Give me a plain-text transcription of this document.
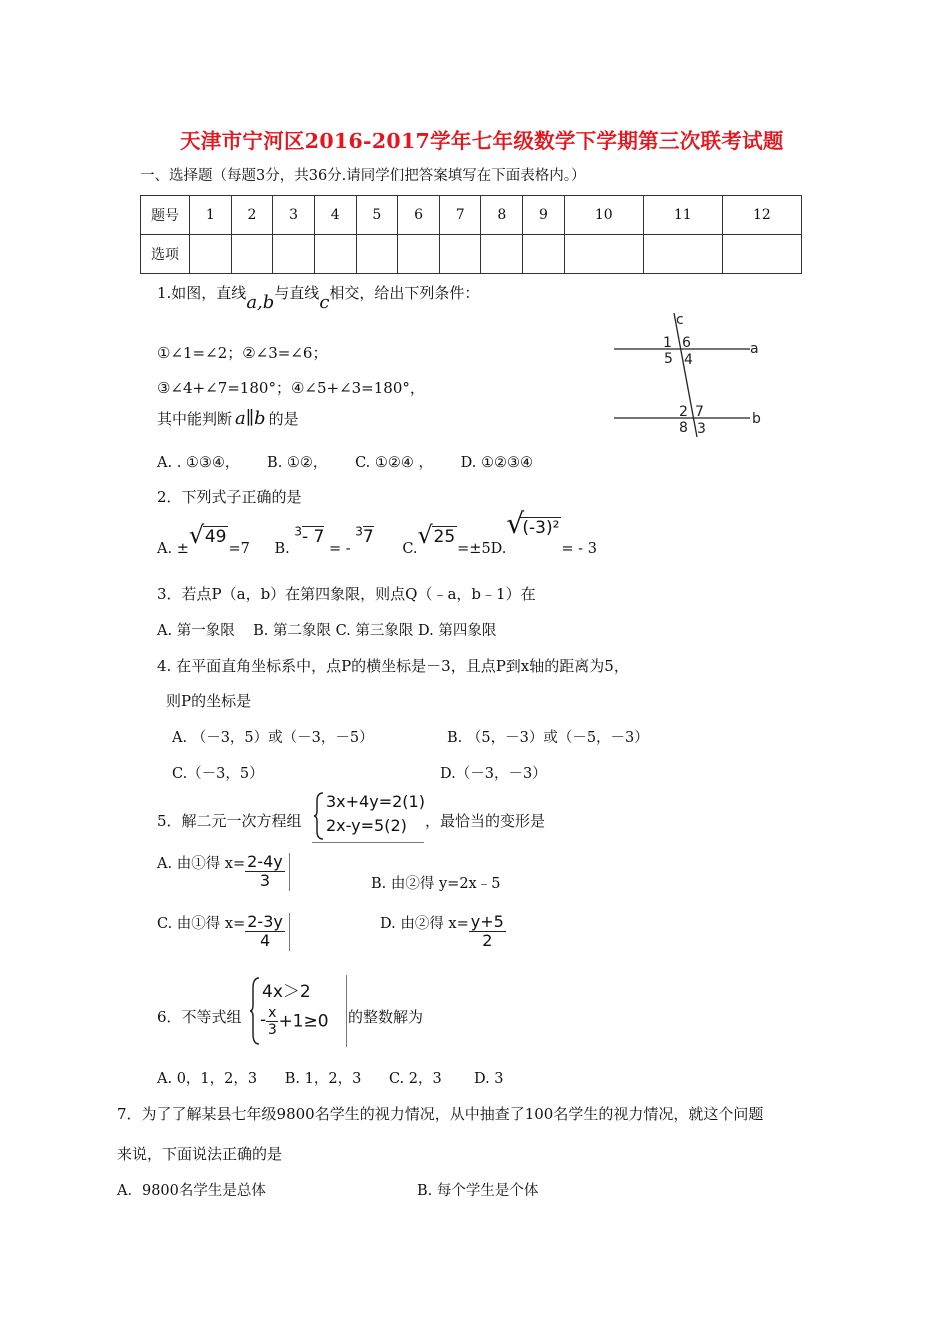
天津市宁河区2016-2017学年七年级数学下学期第三次联考试题
一、选择题（每题3分，共36分.请同学们把答案填写在下面表格内。）
题号	1	2	3	4	5	6	7	8	9	10	11	12
选项												
1.如图，直线a,b与直线c相交，给出下列条件：
①∠1=∠2；②∠3=∠6；
③∠4+∠7=180°；④∠5+∠3=180°，
其中能判断 a∥b 的是
A. . ①③④，      B. ①②，      C. ①②④ ，      D. ①②③④
c
a
b
1 6
5 4
2 7
8 3
2．下列式子正确的是
A. ± √ 49=7 B. $^3$- 7 = - $^3$7 C. √ 25=±5D.
√
(-3)²= - 3
3．若点P（a，b）在第四象限，则点Q（﹣a，b﹣1）在
A. 第一象限    B. 第二象限 C. 第三象限 D. 第四象限
4. 在平面直角坐标系中，点P的横坐标是－3，且点P到x轴的距离为5，
则P的坐标是
A. （－3，5）或（－3，－5）	B. （5，－3）或（－5，－3）
C.（－3，5）	D.（－3，－3）
5．解二元一次方程组
3x+4y=2(1)
2x-y=5(2) ，最恰当的变形是
A. 由①得 $x= \frac{2-4y}{3}$	B. 由②得 y=2x﹣5
C. 由①得 $x= \frac{2-3y}{4}$	D. 由②得 $x= \frac{y+5}{2}$
6．不等式组
4x＞2
- $\frac{x}{3} +1\ge 0$ 的整数解为
A. 0，1，2，3      B. 1，2，3      C. 2，3       D. 3
7．为了了解某县七年级9800名学生的视力情况，从中抽查了100名学生的视力情况，就这个问题
来说，下面说法正确的是
A．9800名学生是总体	B. 每个学生是个体
